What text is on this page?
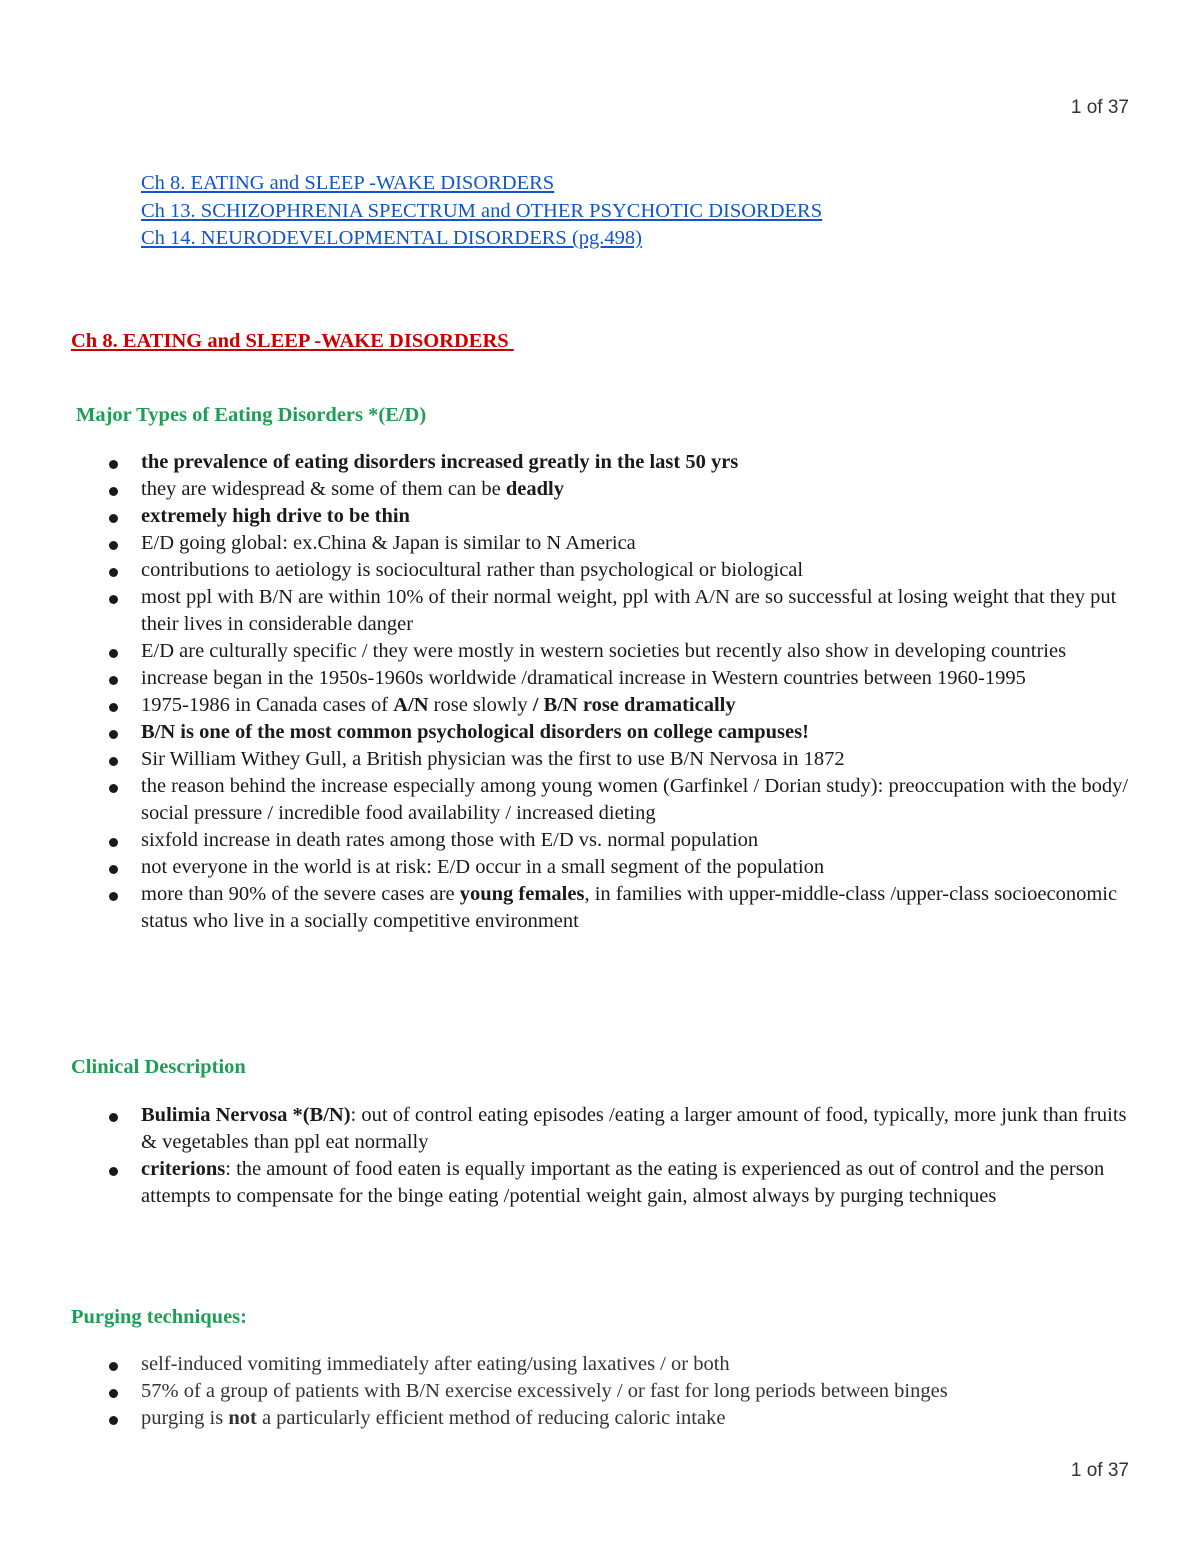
1 of 37
Ch 8. EATING and SLEEP -WAKE DISORDERS
Ch 13. SCHIZOPHRENIA SPECTRUM and OTHER PSYCHOTIC DISORDERS
Ch 14. NEURODEVELOPMENTAL DISORDERS (pg.498)
Ch 8. EATING and SLEEP -WAKE DISORDERS
Major Types of Eating Disorders *(E/D)
the prevalence of eating disorders increased greatly in the last 50 yrs
they are widespread & some of them can be deadly
extremely high drive to be thin
E/D going global: ex.China & Japan is similar to N America
contributions to aetiology is sociocultural rather than psychological or biological
most ppl with B/N are within 10% of their normal weight, ppl with A/N are so successful at losing weight that they put their lives in considerable danger
E/D are culturally specific / they were mostly in western societies but recently also show in developing countries
increase began in the 1950s-1960s worldwide /dramatical increase in Western countries between 1960-1995
1975-1986 in Canada cases of A/N rose slowly / B/N rose dramatically
B/N is one of the most common psychological disorders on college campuses!
Sir William Withey Gull, a British physician was the first to use B/N Nervosa in 1872
the reason behind the increase especially among young women (Garfinkel / Dorian study): preoccupation with the body/ social pressure / incredible food availability / increased dieting
sixfold increase in death rates among those with E/D vs. normal population
not everyone in the world is at risk: E/D occur in a small segment of the population
more than 90% of the severe cases are young females, in families with upper-middle-class /upper-class socioeconomic status who live in a socially competitive environment
Clinical Description
Bulimia Nervosa *(B/N): out of control eating episodes /eating a larger amount of food, typically, more junk than fruits & vegetables than ppl eat normally
criterions: the amount of food eaten is equally important as the eating is experienced as out of control and the person attempts to compensate for the binge eating /potential weight gain, almost always by purging techniques
Purging techniques:
self-induced vomiting immediately after eating/using laxatives / or both
57% of a group of patients with B/N exercise excessively / or fast for long periods between binges
purging is not a particularly efficient method of reducing caloric intake
1 of 37
